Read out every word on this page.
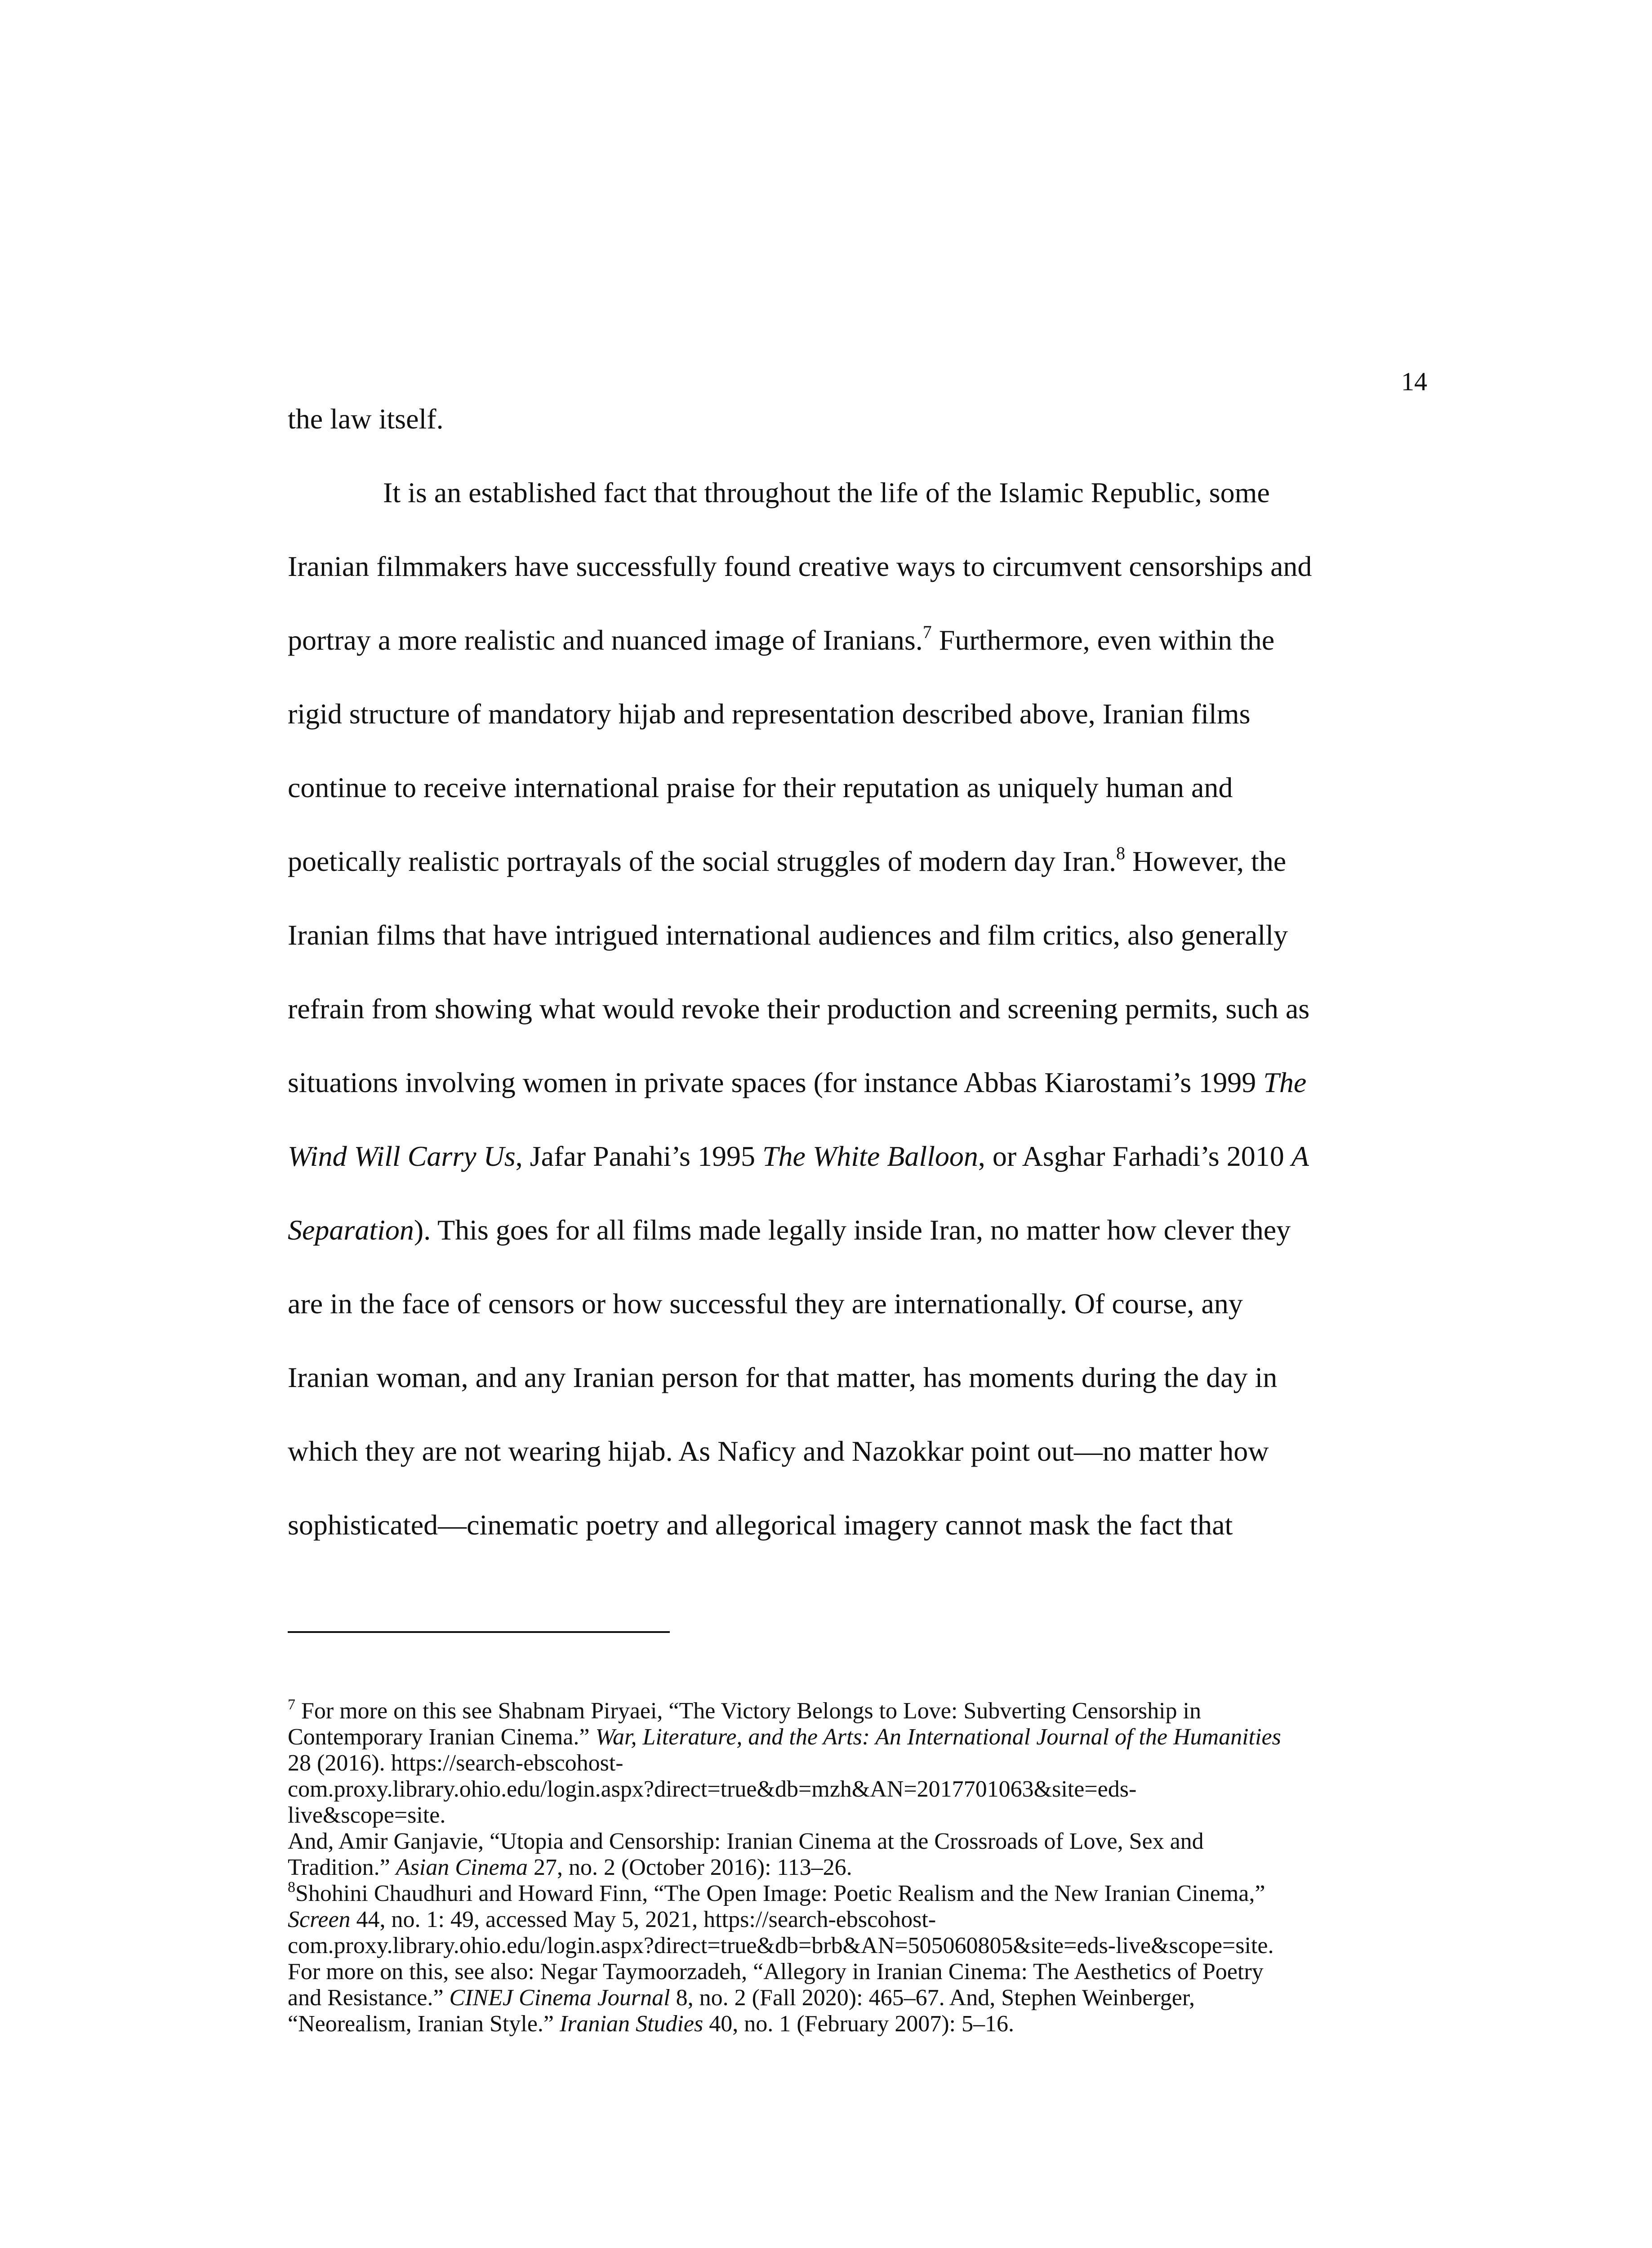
14
the law itself.
It is an established fact that throughout the life of the Islamic Republic, some
Iranian filmmakers have successfully found creative ways to circumvent censorships and
portray a more realistic and nuanced image of Iranians.$^7$ Furthermore, even within the
rigid structure of mandatory hijab and representation described above, Iranian films
continue to receive international praise for their reputation as uniquely human and
poetically realistic portrayals of the social struggles of modern day Iran.$^8$ However, the
Iranian films that have intrigued international audiences and film critics, also generally
refrain from showing what would revoke their production and screening permits, such as
situations involving women in private spaces (for instance Abbas Kiarostami’s 1999 The
Wind Will Carry Us, Jafar Panahi’s 1995 The White Balloon, or Asghar Farhadi’s 2010 A
Separation). This goes for all films made legally inside Iran, no matter how clever they
are in the face of censors or how successful they are internationally. Of course, any
Iranian woman, and any Iranian person for that matter, has moments during the day in
which they are not wearing hijab. As Naficy and Nazokkar point out—no matter how
sophisticated—cinematic poetry and allegorical imagery cannot mask the fact that
$^7$ For more on this see Shabnam Piryaei, “The Victory Belongs to Love: Subverting Censorship in
Contemporary Iranian Cinema.” War, Literature, and the Arts: An International Journal of the Humanities
28 (2016). https://search-ebscohost-
com.proxy.library.ohio.edu/login.aspx?direct=true&db=mzh&AN=2017701063&site=eds-
live&scope=site.
And, Amir Ganjavie, “Utopia and Censorship: Iranian Cinema at the Crossroads of Love, Sex and
Tradition.” Asian Cinema 27, no. 2 (October 2016): 113–26.
$^8$Shohini Chaudhuri and Howard Finn, “The Open Image: Poetic Realism and the New Iranian Cinema,”
Screen 44, no. 1: 49, accessed May 5, 2021, https://search-ebscohost-
com.proxy.library.ohio.edu/login.aspx?direct=true&db=brb&AN=505060805&site=eds-live&scope=site.
For more on this, see also: Negar Taymoorzadeh, “Allegory in Iranian Cinema: The Aesthetics of Poetry
and Resistance.” CINEJ Cinema Journal 8, no. 2 (Fall 2020): 465–67. And, Stephen Weinberger,
“Neorealism, Iranian Style.” Iranian Studies 40, no. 1 (February 2007): 5–16.
